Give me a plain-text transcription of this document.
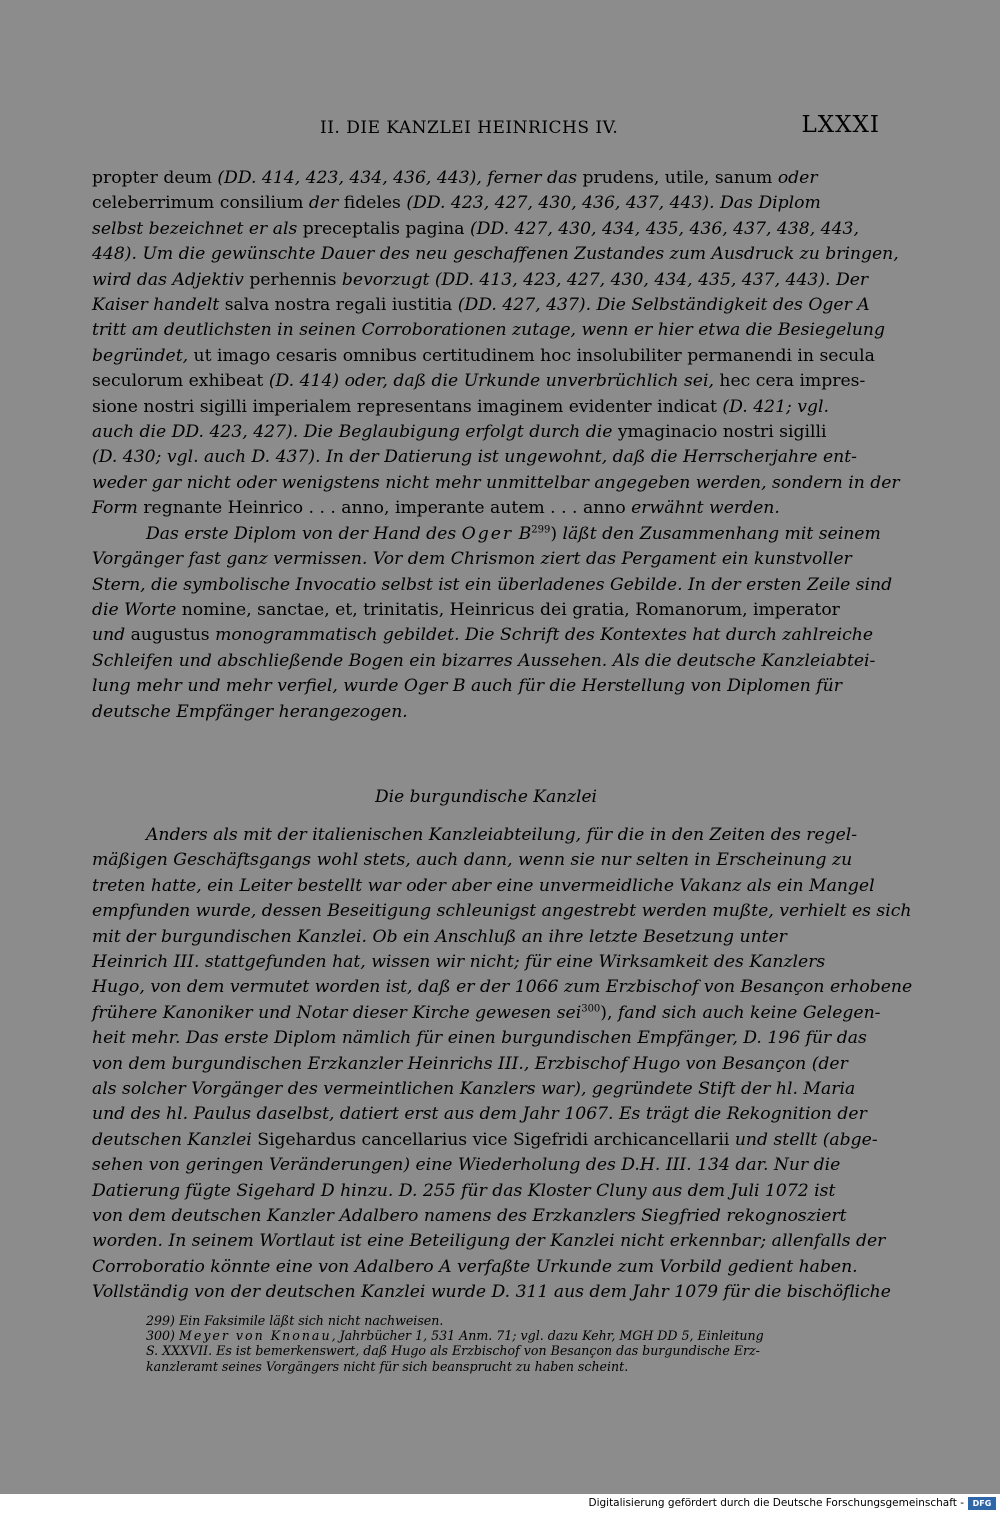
II. DIE KANZLEI HEINRICHS IV.	LXXXI

propter deum (DD. 414, 423, 434, 436, 443), ferner das prudens, utile, sanum oder
celeberrimum consilium der fideles (DD. 423, 427, 430, 436, 437, 443). Das Diplom
selbst bezeichnet er als preceptalis pagina (DD. 427, 430, 434, 435, 436, 437, 438, 443,
448). Um die gewünschte Dauer des neu geschaffenen Zustandes zum Ausdruck zu bringen,
wird das Adjektiv perhennis bevorzugt (DD. 413, 423, 427, 430, 434, 435, 437, 443). Der
Kaiser handelt salva nostra regali iustitia (DD. 427, 437). Die Selbständigkeit des Oger A
tritt am deutlichsten in seinen Corroborationen zutage, wenn er hier etwa die Besiegelung
begründet, ut imago cesaris omnibus certitudinem hoc insolubiliter permanendi in secula
seculorum exhibeat (D. 414) oder, daß die Urkunde unverbrüchlich sei, hec cera impres-
sione nostri sigilli imperialem representans imaginem evidenter indicat (D. 421; vgl.
auch die DD. 423, 427). Die Beglaubigung erfolgt durch die ymaginacio nostri sigilli
(D. 430; vgl. auch D. 437). In der Datierung ist ungewohnt, daß die Herrscherjahre ent-
weder gar nicht oder wenigstens nicht mehr unmittelbar angegeben werden, sondern in der
Form regnante Heinrico . . . anno, imperante autem . . . anno erwähnt werden.

Das erste Diplom von der Hand des Oger $B^{299}$) läßt den Zusammenhang mit seinem
Vorgänger fast ganz vermissen. Vor dem Chrismon ziert das Pergament ein kunstvoller
Stern, die symbolische Invocatio selbst ist ein überladenes Gebilde. In der ersten Zeile sind
die Worte nomine, sanctae, et, trinitatis, Heinricus dei gratia, Romanorum, imperator
und augustus monogrammatisch gebildet. Die Schrift des Kontextes hat durch zahlreiche
Schleifen und abschließende Bogen ein bizarres Aussehen. Als die deutsche Kanzleiabtei-
lung mehr und mehr verfiel, wurde Oger B auch für die Herstellung von Diplomen für
deutsche Empfänger herangezogen.

Die burgundische Kanzlei

Anders als mit der italienischen Kanzleiabteilung, für die in den Zeiten des regel-
mäßigen Geschäftsgangs wohl stets, auch dann, wenn sie nur selten in Erscheinung zu
treten hatte, ein Leiter bestellt war oder aber eine unvermeidliche Vakanz als ein Mangel
empfunden wurde, dessen Beseitigung schleunigst angestrebt werden mußte, verhielt es sich
mit der burgundischen Kanzlei. Ob ein Anschluß an ihre letzte Besetzung unter
Heinrich III. stattgefunden hat, wissen wir nicht; für eine Wirksamkeit des Kanzlers
Hugo, von dem vermutet worden ist, daß er der 1066 zum Erzbischof von Besançon erhobene
frühere Kanoniker und Notar dieser Kirche gewesen sei$^{300}$), fand sich auch keine Gelegen-
heit mehr. Das erste Diplom nämlich für einen burgundischen Empfänger, D. 196 für das
von dem burgundischen Erzkanzler Heinrichs III., Erzbischof Hugo von Besançon (der
als solcher Vorgänger des vermeintlichen Kanzlers war), gegründete Stift der hl. Maria
und des hl. Paulus daselbst, datiert erst aus dem Jahr 1067. Es trägt die Rekognition der
deutschen Kanzlei Sigehardus cancellarius vice Sigefridi archicancellarii und stellt (abge-
sehen von geringen Veränderungen) eine Wiederholung des D.H. III. 134 dar. Nur die
Datierung fügte Sigehard D hinzu. D. 255 für das Kloster Cluny aus dem Juli 1072 ist
von dem deutschen Kanzler Adalbero namens des Erzkanzlers Siegfried rekognosziert
worden. In seinem Wortlaut ist eine Beteiligung der Kanzlei nicht erkennbar; allenfalls der
Corroboratio könnte eine von Adalbero A verfaßte Urkunde zum Vorbild gedient haben.
Vollständig von der deutschen Kanzlei wurde D. 311 aus dem Jahr 1079 für die bischöfliche

299) Ein Faksimile läßt sich nicht nachweisen.
300) Meyer von Knonau, Jahrbücher 1, 531 Anm. 71; vgl. dazu Kehr, MGH DD 5, Einleitung
S. XXXVII. Es ist bemerkenswert, daß Hugo als Erzbischof von Besançon das burgundische Erz-
kanzleramt seines Vorgängers nicht für sich beansprucht zu haben scheint.
Digitalisierung gefördert durch die Deutsche Forschungsgemeinschaft -	DFG
